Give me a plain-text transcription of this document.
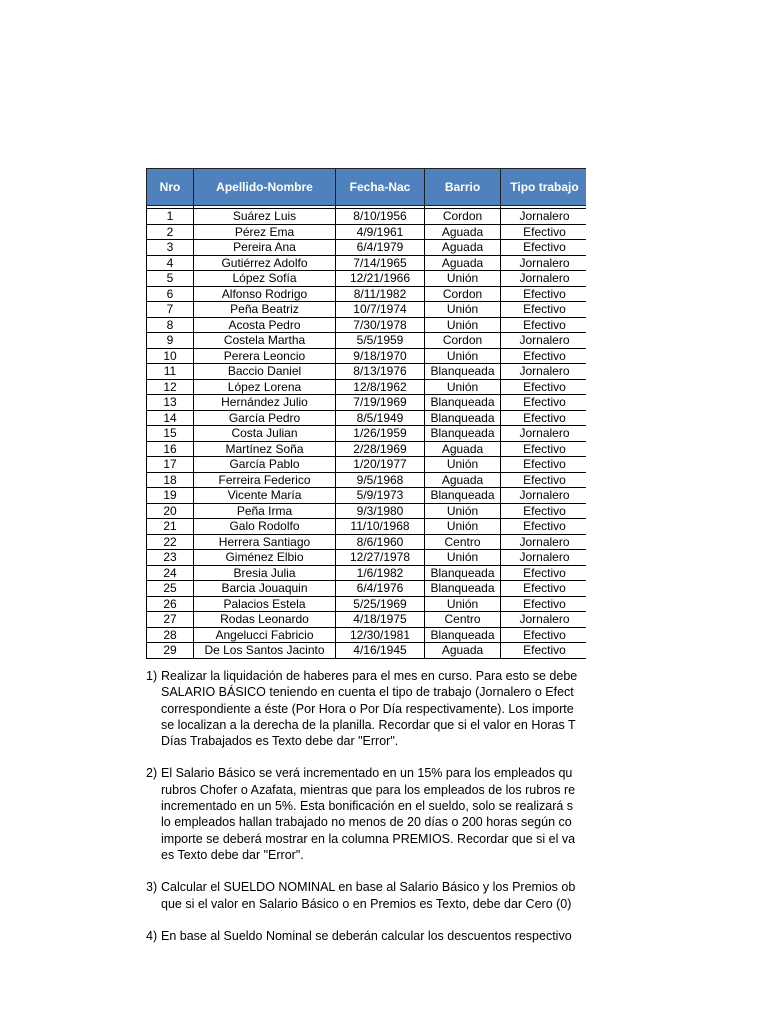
Nro	Apellido-Nombre	Fecha-Nac	Barrio	Tipo trabajo

1	Suárez Luis	8/10/1956	Cordon	Jornalero
2	Pérez Ema	4/9/1961	Aguada	Efectivo
3	Pereira Ana	6/4/1979	Aguada	Efectivo
4	Gutiérrez Adolfo	7/14/1965	Aguada	Jornalero
5	López Sofía	12/21/1966	Unión	Jornalero
6	Alfonso Rodrigo	8/11/1982	Cordon	Efectivo
7	Peña Beatriz	10/7/1974	Unión	Efectivo
8	Acosta Pedro	7/30/1978	Unión	Efectivo
9	Costela Martha	5/5/1959	Cordon	Jornalero
10	Perera Leoncio	9/18/1970	Unión	Efectivo
11	Baccio Daniel	8/13/1976	Blanqueada	Jornalero
12	López Lorena	12/8/1962	Unión	Efectivo
13	Hernández Julio	7/19/1969	Blanqueada	Efectivo
14	García Pedro	8/5/1949	Blanqueada	Efectivo
15	Costa Julian	1/26/1959	Blanqueada	Jornalero
16	Martínez Soña	2/28/1969	Aguada	Efectivo
17	García Pablo	1/20/1977	Unión	Efectivo
18	Ferreira Federico	9/5/1968	Aguada	Efectivo
19	Vicente María	5/9/1973	Blanqueada	Jornalero
20	Peña Irma	9/3/1980	Unión	Efectivo
21	Galo Rodolfo	11/10/1968	Unión	Efectivo
22	Herrera Santiago	8/6/1960	Centro	Jornalero
23	Giménez Elbio	12/27/1978	Unión	Jornalero
24	Bresia Julia	1/6/1982	Blanqueada	Efectivo
25	Barcia Jouaquin	6/4/1976	Blanqueada	Efectivo
26	Palacios Estela	5/25/1969	Unión	Efectivo
27	Rodas Leonardo	4/18/1975	Centro	Jornalero
28	Angelucci Fabricio	12/30/1981	Blanqueada	Efectivo
29	De Los Santos Jacinto	4/16/1945	Aguada	Efectivo
1) Realizar la liquidación de haberes para el mes en curso. Para esto se debe
SALARIO BÁSICO teniendo en cuenta el tipo de trabajo (Jornalero o Efect
correspondiente a éste (Por Hora o Por Día respectivamente). Los importe
se localizan a la derecha de la planilla. Recordar que si el valor en Horas T
Días Trabajados es Texto debe dar "Error".
2) El Salario Básico se verá incrementado en un 15% para los empleados qu
rubros Chofer o Azafata, mientras que para los empleados de los rubros re
incrementado en un 5%. Esta bonificación en el sueldo, solo se realizará s
lo empleados hallan trabajado no menos de 20 días o 200 horas según co
importe se deberá mostrar en la columna PREMIOS. Recordar que si el va
es Texto debe dar "Error".
3) Calcular el SUELDO NOMINAL en base al Salario Básico y los Premios ob
que si el valor en Salario Básico o en Premios es Texto, debe dar Cero (0)
4) En base al Sueldo Nominal se deberán calcular los descuentos respectivo
